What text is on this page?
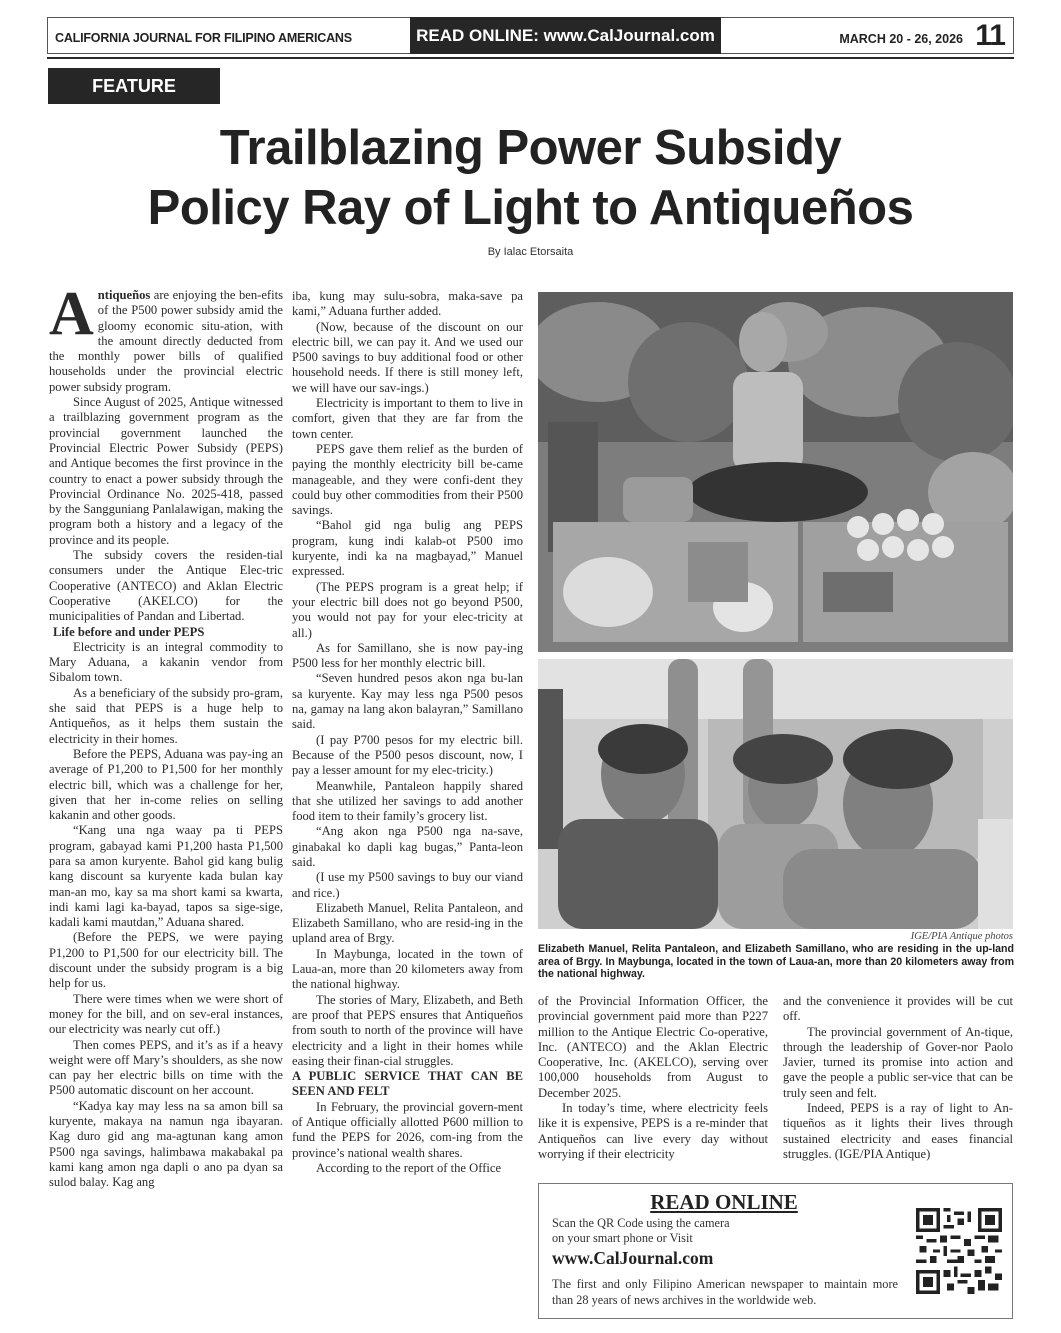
CALIFORNIA JOURNAL FOR FILIPINO AMERICANS	READ ONLINE: www.CalJournal.com	MARCH 20 - 26, 2026 11
FEATURE
Trailblazing Power Subsidy
Policy Ray of Light to Antiqueños
By Ialac Etorsaita

Antiqueños are enjoying the ben-efits of the P500 power subsidy amid the gloomy economic situ-ation, with the amount directly deducted from the monthly power bills of qualified households under the provincial electric power subsidy program.

Since August of 2025, Antique witnessed a trailblazing government program as the provincial government launched the Provincial Electric Power Subsidy (PEPS) and Antique becomes the first province in the country to enact a power subsidy through the Provincial Ordinance No. 2025-418, passed by the Sangguniang Panlalawigan, making the program both a history and a legacy of the province and its people.

The subsidy covers the residen-tial consumers under the Antique Elec-tric Cooperative (ANTECO) and Aklan Electric Cooperative (AKELCO) for the municipalities of Pandan and Libertad.

Life before and under PEPS

Electricity is an integral commodity to Mary Aduana, a kakanin vendor from Sibalom town.

As a beneficiary of the subsidy pro-gram, she said that PEPS is a huge help to Antiqueños, as it helps them sustain the electricity in their homes.

Before the PEPS, Aduana was pay-ing an average of P1,200 to P1,500 for her monthly electric bill, which was a challenge for her, given that her in-come relies on selling kakanin and other goods.

“Kang una nga waay pa ti PEPS program, gabayad kami P1,200 hasta P1,500 para sa amon kuryente. Bahol gid kang bulig kang discount sa kuryente kada bulan kay man-an mo, kay sa ma short kami sa kwarta, indi kami lagi ka-bayad, tapos sa sige-sige, kadali kami mautdan,” Aduana shared.

(Before the PEPS, we were paying P1,200 to P1,500 for our electricity bill. The discount under the subsidy program is a big help for us.

There were times when we were short of money for the bill, and on sev-eral instances, our electricity was nearly cut off.)

Then comes PEPS, and it’s as if a heavy weight were off Mary’s shoulders, as she now can pay her electric bills on time with the P500 automatic discount on her account.

“Kadya kay may less na sa amon bill sa kuryente, makaya na namun nga ibayaran. Kag duro gid ang ma-agtunan kang amon P500 nga savings, halimbawa makabakal pa kami kang amon nga dapli o ano pa dyan sa sulod balay. Kag ang

iba, kung may sulu-sobra, maka-save pa kami,” Aduana further added.

(Now, because of the discount on our electric bill, we can pay it. And we used our P500 savings to buy additional food or other household needs. If there is still money left, we will have our sav-ings.)

Electricity is important to them to live in comfort, given that they are far from the town center.

PEPS gave them relief as the burden of paying the monthly electricity bill be-came manageable, and they were confi-dent they could buy other commodities from their P500 savings.

“Bahol gid nga bulig ang PEPS program, kung indi kalab-ot P500 imo kuryente, indi ka na magbayad,” Manuel expressed.

(The PEPS program is a great help; if your electric bill does not go beyond P500, you would not pay for your elec-tricity at all.)

As for Samillano, she is now pay-ing P500 less for her monthly electric bill.

“Seven hundred pesos akon nga bu-lan sa kuryente. Kay may less nga P500 pesos na, gamay na lang akon balayran,” Samillano said.

(I pay P700 pesos for my electric bill. Because of the P500 pesos discount, now, I pay a lesser amount for my elec-tricity.)

Meanwhile, Pantaleon happily shared that she utilized her savings to add another food item to their family’s grocery list.

“Ang akon nga P500 nga na-save, ginabakal ko dapli kag bugas,” Panta-leon said.

(I use my P500 savings to buy our viand and rice.)

Elizabeth Manuel, Relita Pantaleon, and Elizabeth Samillano, who are resid-ing in the upland area of Brgy.

In Maybunga, located in the town of Laua-an, more than 20 kilometers away from the national highway.

The stories of Mary, Elizabeth, and Beth are proof that PEPS ensures that Antiqueños from south to north of the province will have electricity and a light in their homes while easing their finan-cial struggles.

A PUBLIC SERVICE THAT CAN BE SEEN AND FELT

In February, the provincial govern-ment of Antique officially allotted P600 million to fund the PEPS for 2026, com-ing from the province’s national wealth shares.

According to the report of the Office

IGE/PIA Antique photos
Elizabeth Manuel, Relita Pantaleon, and Elizabeth Samillano, who are residing in the up-land area of Brgy. In Maybunga, located in the town of Laua-an, more than 20 kilometers away from the national highway.

of the Provincial Information Officer, the provincial government paid more than P227 million to the Antique Electric Co-operative, Inc. (ANTECO) and the Aklan Electric Cooperative, Inc. (AKELCO), serving over 100,000 households from August to December 2025.

In today’s time, where electricity feels like it is expensive, PEPS is a re-minder that Antiqueños can live every day without worrying if their electricity

and the convenience it provides will be cut off.

The provincial government of An-tique, through the leadership of Gover-nor Paolo Javier, turned its promise into action and gave the people a public ser-vice that can be truly seen and felt.

Indeed, PEPS is a ray of light to An-tiqueños as it lights their lives through sustained electricity and eases financial struggles. (IGE/PIA Antique)

READ ONLINE
Scan the QR Code using the camera
on your smart phone or Visit
www.CalJournal.com
The first and only Filipino American newspaper to maintain more than 28 years of news archives in the worldwide web.
